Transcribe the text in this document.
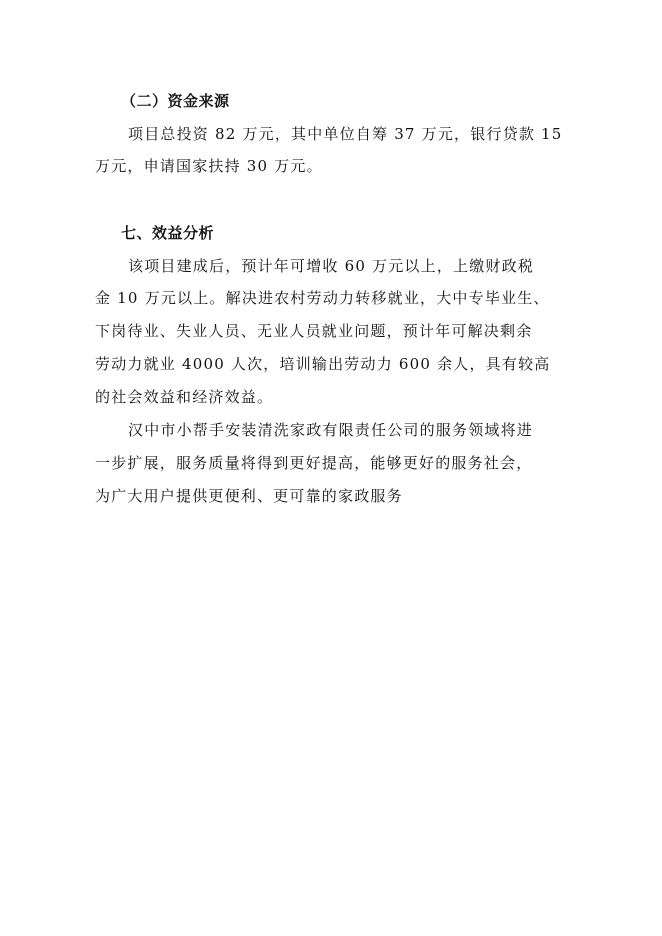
（二）资金来源
项目总投资 82 万元，其中单位自筹 37 万元，银行贷款 15
万元，申请国家扶持 30 万元。
七、效益分析
该项目建成后，预计年可增收 60 万元以上，上缴财政税
金 10 万元以上。解决进农村劳动力转移就业，大中专毕业生、
下岗待业、失业人员、无业人员就业问题，预计年可解决剩余
劳动力就业 4000 人次，培训输出劳动力 600 余人，具有较高
的社会效益和经济效益。
汉中市小帮手安装清洗家政有限责任公司的服务领域将进
一步扩展，服务质量将得到更好提高，能够更好的服务社会，
为广大用户提供更便利、更可靠的家政服务
